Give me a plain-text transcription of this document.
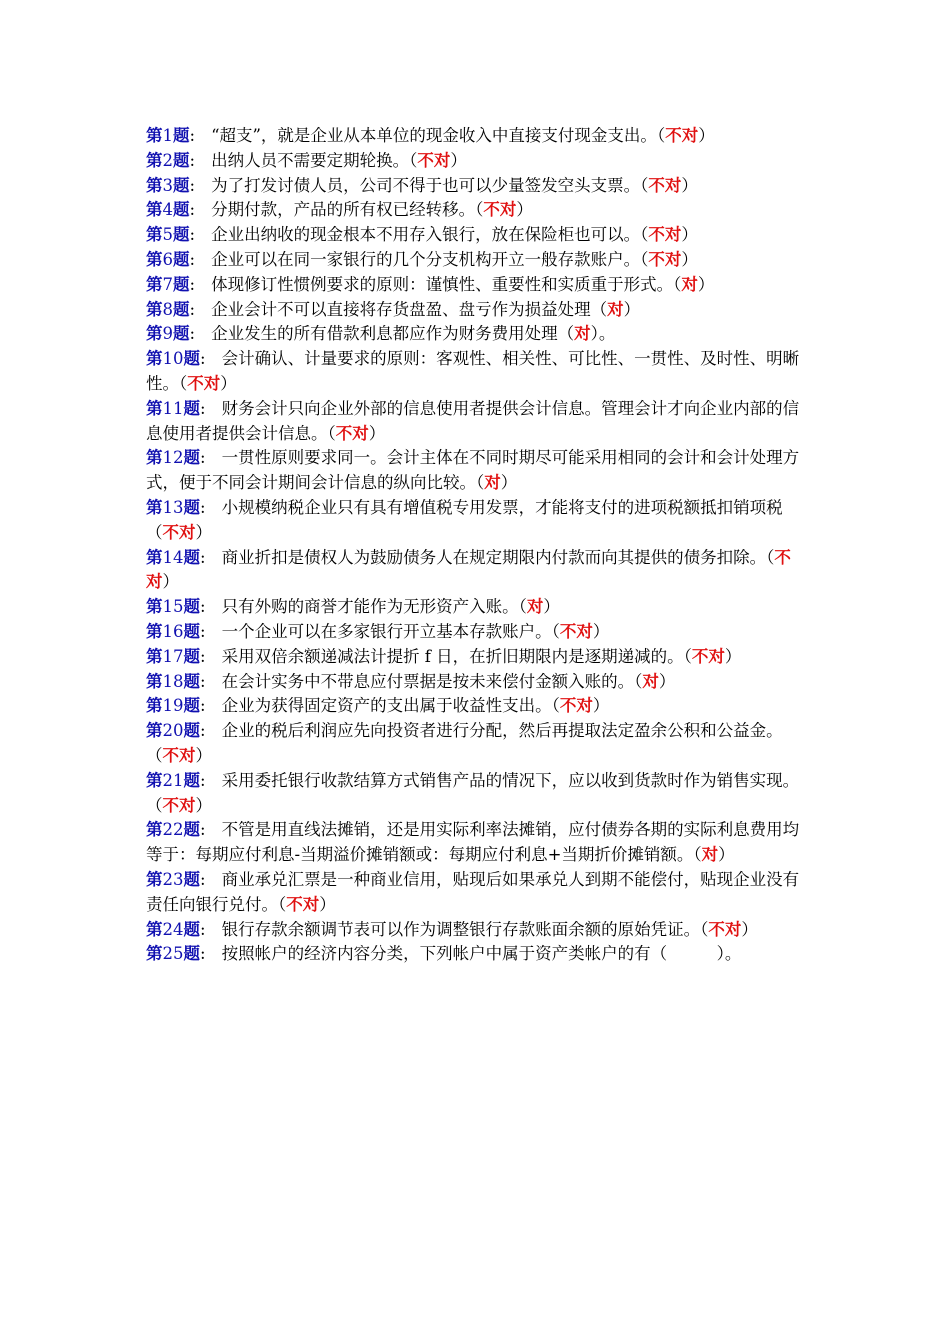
第1题: “超支”，就是企业从本单位的现金收入中直接支付现金支出。（不对）

第2题: 出纳人员不需要定期轮换。（不对）

第3题: 为了打发讨债人员，公司不得于也可以少量签发空头支票。（不对）

第4题: 分期付款，产品的所有权已经转移。（不对）

第5题: 企业出纳收的现金根本不用存入银行，放在保险柜也可以。（不对）

第6题: 企业可以在同一家银行的几个分支机构开立一般存款账户。（不对）

第7题: 体现修订性惯例要求的原则：谨慎性、重要性和实质重于形式。（对）

第8题: 企业会计不可以直接将存货盘盈、盘亏作为损益处理（对）

第9题: 企业发生的所有借款利息都应作为财务费用处理（对）。

第10题: 会计确认、计量要求的原则：客观性、相关性、可比性、一贯性、及时性、明晰性。（不对）

第11题: 财务会计只向企业外部的信息使用者提供会计信息。管理会计才向企业内部的信息使用者提供会计信息。（不对）

第12题: 一贯性原则要求同一。会计主体在不同时期尽可能采用相同的会计和会计处理方式，便于不同会计期间会计信息的纵向比较。（对）

第13题: 小规模纳税企业只有具有增值税专用发票，才能将支付的进项税额抵扣销项税（不对）

第14题: 商业折扣是债权人为鼓励债务人在规定期限内付款而向其提供的债务扣除。（不对）

第15题: 只有外购的商誉才能作为无形资产入账。（对）

第16题: 一个企业可以在多家银行开立基本存款账户。（不对）

第17题: 采用双倍余额递减法计提折 f 日，在折旧期限内是逐期递减的。（不对）

第18题: 在会计实务中不带息应付票据是按未来偿付金额入账的。（对）

第19题: 企业为获得固定资产的支出属于收益性支出。（不对）

第20题: 企业的税后利润应先向投资者进行分配，然后再提取法定盈余公积和公益金。（不对）

第21题: 采用委托银行收款结算方式销售产品的情况下，应以收到货款时作为销售实现。（不对）

第22题: 不管是用直线法摊销，还是用实际利率法摊销，应付债券各期的实际利息费用均等于：每期应付利息-当期溢价摊销额或：每期应付利息+当期折价摊销额。（对）

第23题: 商业承兑汇票是一种商业信用，贴现后如果承兑人到期不能偿付，贴现企业没有责任向银行兑付。（不对）

第24题: 银行存款余额调节表可以作为调整银行存款账面余额的原始凭证。（不对）

第25题: 按照帐户的经济内容分类，下列帐户中属于资产类帐户的有（　　　）。
